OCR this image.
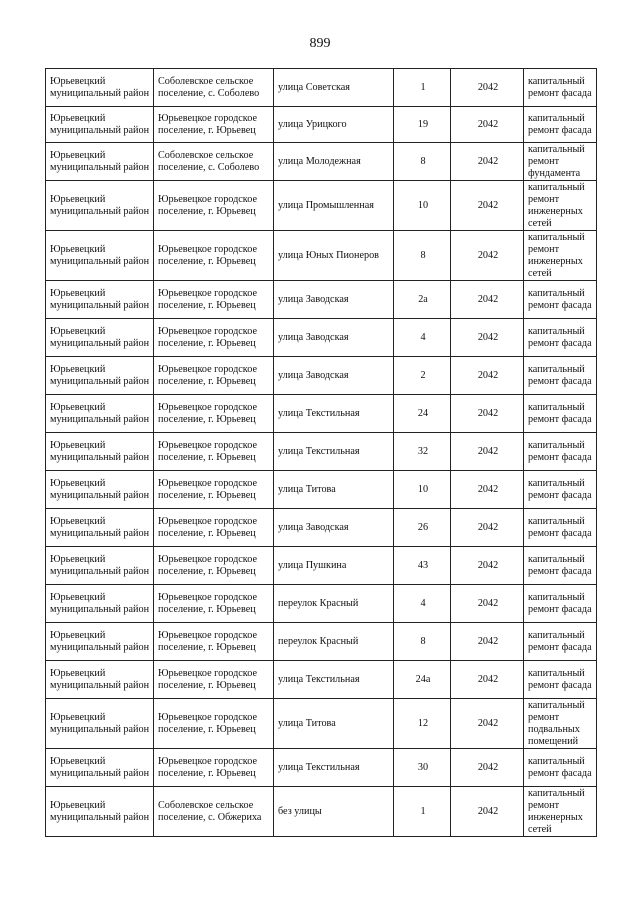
899
Юрьевецкий муниципальный район	Соболевское сельское поселение, с. Соболево	улица Советская	1	2042	капитальный ремонт фасада
Юрьевецкий муниципальный район	Юрьевецкое городское поселение, г. Юрьевец	улица Урицкого	19	2042	капитальный ремонт фасада
Юрьевецкий муниципальный район	Соболевское сельское поселение, с. Соболево	улица Молодежная	8	2042	капитальный ремонт фундамента
Юрьевецкий муниципальный район	Юрьевецкое городское поселение, г. Юрьевец	улица Промышленная	10	2042	капитальный ремонт инженерных сетей
Юрьевецкий муниципальный район	Юрьевецкое городское поселение, г. Юрьевец	улица Юных Пионеров	8	2042	капитальный ремонт инженерных сетей
Юрьевецкий муниципальный район	Юрьевецкое городское поселение, г. Юрьевец	улица Заводская	2а	2042	капитальный ремонт фасада
Юрьевецкий муниципальный район	Юрьевецкое городское поселение, г. Юрьевец	улица Заводская	4	2042	капитальный ремонт фасада
Юрьевецкий муниципальный район	Юрьевецкое городское поселение, г. Юрьевец	улица Заводская	2	2042	капитальный ремонт фасада
Юрьевецкий муниципальный район	Юрьевецкое городское поселение, г. Юрьевец	улица Текстильная	24	2042	капитальный ремонт фасада
Юрьевецкий муниципальный район	Юрьевецкое городское поселение, г. Юрьевец	улица Текстильная	32	2042	капитальный ремонт фасада
Юрьевецкий муниципальный район	Юрьевецкое городское поселение, г. Юрьевец	улица Титова	10	2042	капитальный ремонт фасада
Юрьевецкий муниципальный район	Юрьевецкое городское поселение, г. Юрьевец	улица Заводская	26	2042	капитальный ремонт фасада
Юрьевецкий муниципальный район	Юрьевецкое городское поселение, г. Юрьевец	улица Пушкина	43	2042	капитальный ремонт фасада
Юрьевецкий муниципальный район	Юрьевецкое городское поселение, г. Юрьевец	переулок Красный	4	2042	капитальный ремонт фасада
Юрьевецкий муниципальный район	Юрьевецкое городское поселение, г. Юрьевец	переулок Красный	8	2042	капитальный ремонт фасада
Юрьевецкий муниципальный район	Юрьевецкое городское поселение, г. Юрьевец	улица Текстильная	24а	2042	капитальный ремонт фасада
Юрьевецкий муниципальный район	Юрьевецкое городское поселение, г. Юрьевец	улица Титова	12	2042	капитальный ремонт подвальных помещений
Юрьевецкий муниципальный район	Юрьевецкое городское поселение, г. Юрьевец	улица Текстильная	30	2042	капитальный ремонт фасада
Юрьевецкий муниципальный район	Соболевское сельское поселение, с. Обжериха	без улицы	1	2042	капитальный ремонт инженерных сетей
